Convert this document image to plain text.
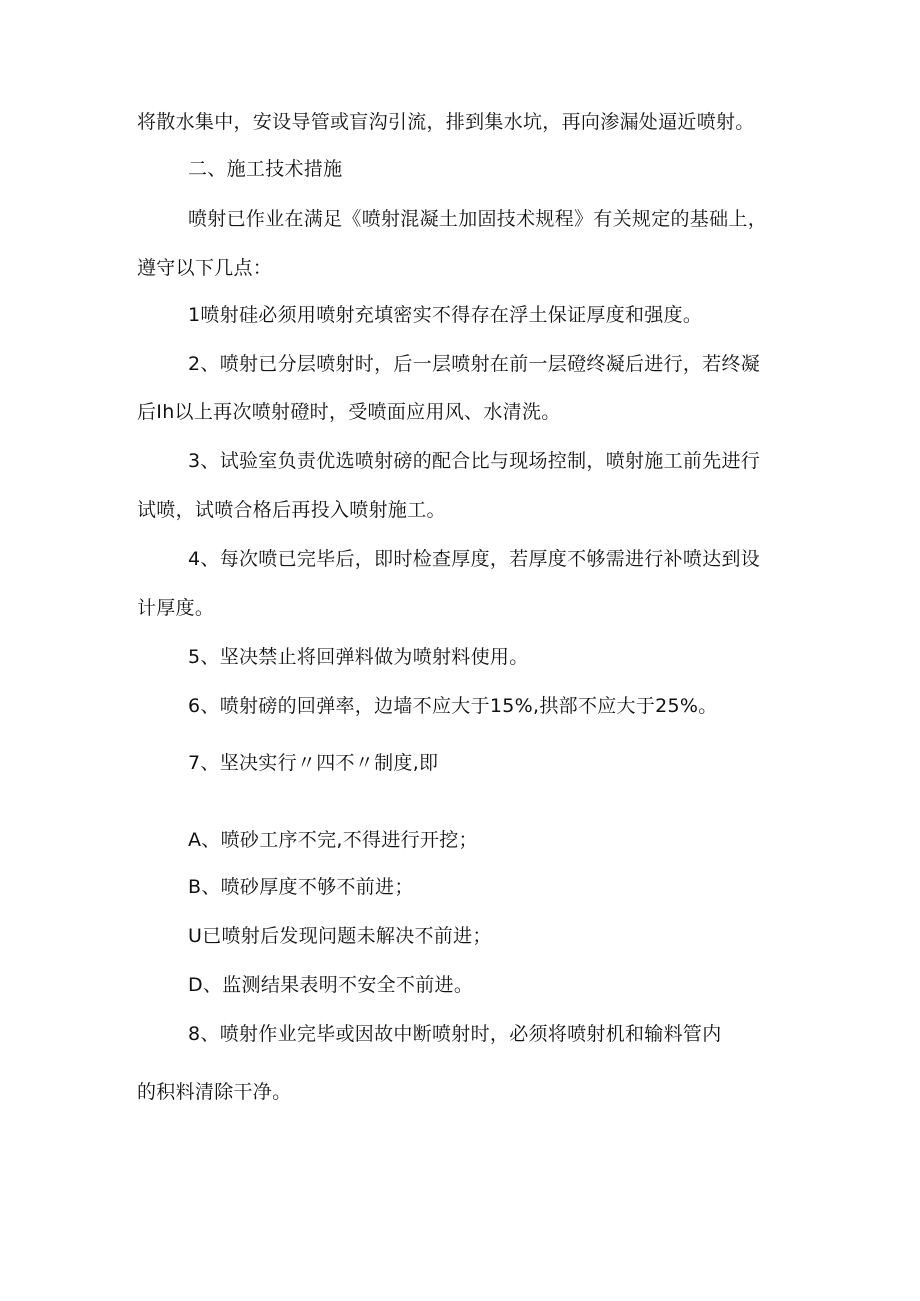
将散水集中，安设导管或盲沟引流，排到集水坑，再向渗漏处逼近喷射。
二、施工技术措施
喷射已作业在满足《喷射混凝土加固技术规程》有关规定的基础上，
遵守以下几点：
1喷射硅必须用喷射充填密实不得存在浮土保证厚度和强度。
2、喷射已分层喷射时，后一层喷射在前一层磴终凝后进行，若终凝
后Ih以上再次喷射磴时，受喷面应用风、水清洗。
3、试验室负责优选喷射磅的配合比与现场控制，喷射施工前先进行
试喷，试喷合格后再投入喷射施工。
4、每次喷已完毕后，即时检查厚度，若厚度不够需进行补喷达到设
计厚度。
5、坚决禁止将回弹料做为喷射料使用。
6、喷射磅的回弹率，边墙不应大于15%,拱部不应大于25%。
7、坚决实行〃四不〃制度,即
A、喷砂工序不完,不得进行开挖；
B、喷砂厚度不够不前进；
U已喷射后发现问题未解决不前进；
D、监测结果表明不安全不前进。
8、喷射作业完毕或因故中断喷射时，必须将喷射机和输料管内
的积料清除干净。
